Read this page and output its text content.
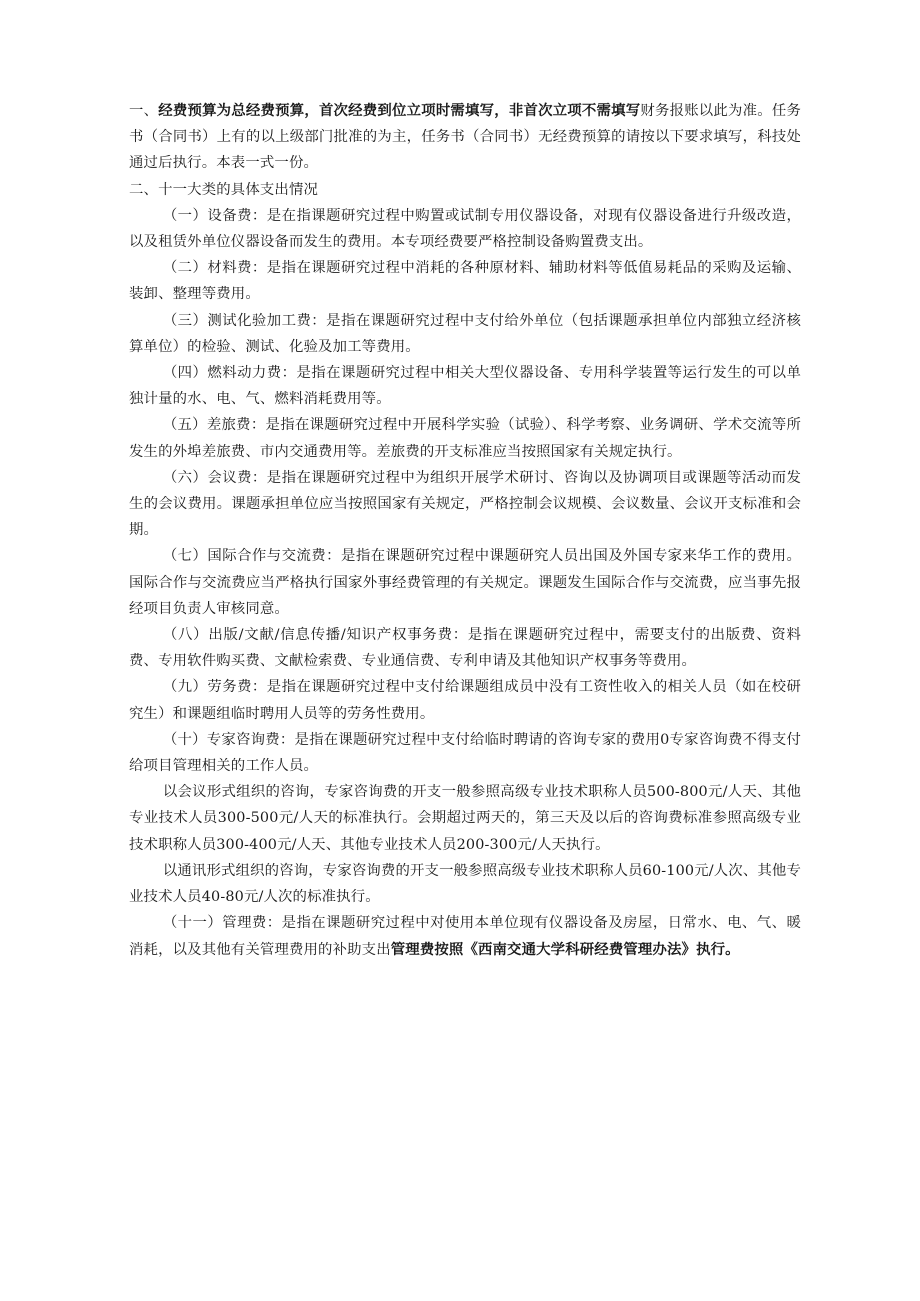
一、经费预算为总经费预算，首次经费到位立项时需填写，非首次立项不需填写财务报账以此为准。任务书（合同书）上有的以上级部门批准的为主，任务书（合同书）无经费预算的请按以下要求填写，科技处通过后执行。本表一式一份。

二、十一大类的具体支出情况

（一）设备费：是在指课题研究过程中购置或试制专用仪器设备，对现有仪器设备进行升级改造，以及租赁外单位仪器设备而发生的费用。本专项经费要严格控制设备购置费支出。

（二）材料费：是指在课题研究过程中消耗的各种原材料、辅助材料等低值易耗品的采购及运输、装卸、整理等费用。

（三）测试化验加工费：是指在课题研究过程中支付给外单位（包括课题承担单位内部独立经济核算单位）的检验、测试、化验及加工等费用。

（四）燃料动力费：是指在课题研究过程中相关大型仪器设备、专用科学装置等运行发生的可以单独计量的水、电、气、燃料消耗费用等。

（五）差旅费：是指在课题研究过程中开展科学实验（试验）、科学考察、业务调研、学术交流等所发生的外埠差旅费、市内交通费用等。差旅费的开支标准应当按照国家有关规定执行。

（六）会议费：是指在课题研究过程中为组织开展学术研讨、咨询以及协调项目或课题等活动而发生的会议费用。课题承担单位应当按照国家有关规定，严格控制会议规模、会议数量、会议开支标准和会期。

（七）国际合作与交流费：是指在课题研究过程中课题研究人员出国及外国专家来华工作的费用。国际合作与交流费应当严格执行国家外事经费管理的有关规定。课题发生国际合作与交流费，应当事先报经项目负责人审核同意。

（八）出版/文献/信息传播/知识产权事务费：是指在课题研究过程中，需要支付的出版费、资料费、专用软件购买费、文献检索费、专业通信费、专利申请及其他知识产权事务等费用。

（九）劳务费：是指在课题研究过程中支付给课题组成员中没有工资性收入的相关人员（如在校研究生）和课题组临时聘用人员等的劳务性费用。

（十）专家咨询费：是指在课题研究过程中支付给临时聘请的咨询专家的费用0专家咨询费不得支付给项目管理相关的工作人员。

以会议形式组织的咨询，专家咨询费的开支一般参照高级专业技术职称人员500-800元/人天、其他专业技术人员300-500元/人天的标准执行。会期超过两天的，第三天及以后的咨询费标准参照高级专业技术职称人员300-400元/人天、其他专业技术人员200-300元/人天执行。

以通讯形式组织的咨询，专家咨询费的开支一般参照高级专业技术职称人员60-100元/人次、其他专业技术人员40-80元/人次的标准执行。

（十一）管理费：是指在课题研究过程中对使用本单位现有仪器设备及房屋，日常水、电、气、暖消耗，以及其他有关管理费用的补助支出管理费按照《西南交通大学科研经费管理办法》执行。
